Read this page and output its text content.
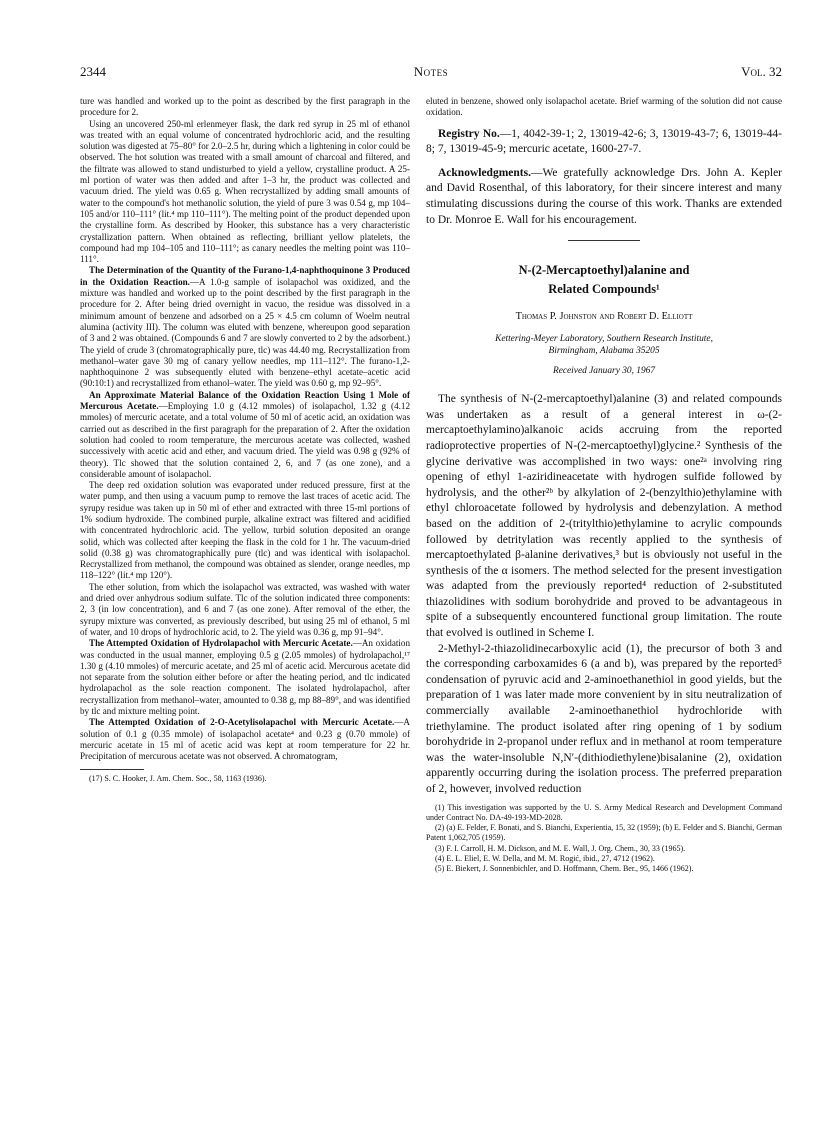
2344	Notes	Vol. 32

ture was handled and worked up to the point as described by the first paragraph in the procedure for 2.

Using an uncovered 250-ml erlenmeyer flask, the dark red syrup in 25 ml of ethanol was treated with an equal volume of concentrated hydrochloric acid, and the resulting solution was digested at 75–80° for 2.0–2.5 hr, during which a lightening in color could be observed. The hot solution was treated with a small amount of charcoal and filtered, and the filtrate was allowed to stand undisturbed to yield a yellow, crystalline product. A 25-ml portion of water was then added and after 1–3 hr, the product was collected and vacuum dried. The yield was 0.65 g. When recrystallized by adding small amounts of water to the compound's hot methanolic solution, the yield of pure 3 was 0.54 g, mp 104–105 and/or 110–111° (lit.⁴ mp 110–111°). The melting point of the product depended upon the crystalline form. As described by Hooker, this substance has a very characteristic crystallization pattern. When obtained as reflecting, brilliant yellow platelets, the compound had mp 104–105 and 110–111°; as canary needles the melting point was 110–111°.

The Determination of the Quantity of the Furano-1,4-naphthoquinone 3 Produced in the Oxidation Reaction.—A 1.0-g sample of isolapachol was oxidized, and the mixture was handled and worked up to the point described by the first paragraph in the procedure for 2. After being dried overnight in vacuo, the residue was dissolved in a minimum amount of benzene and adsorbed on a 25 × 4.5 cm column of Woelm neutral alumina (activity III). The column was eluted with benzene, whereupon good separation of 3 and 2 was obtained. (Compounds 6 and 7 are slowly converted to 2 by the adsorbent.) The yield of crude 3 (chromatographically pure, tlc) was 44.40 mg. Recrystallization from methanol–water gave 30 mg of canary yellow needles, mp 111–112°. The furano-1,2-naphthoquinone 2 was subsequently eluted with benzene–ethyl acetate–acetic acid (90:10:1) and recrystallized from ethanol–water. The yield was 0.60 g, mp 92–95°.

An Approximate Material Balance of the Oxidation Reaction Using 1 Mole of Mercurous Acetate.—Employing 1.0 g (4.12 mmoles) of isolapachol, 1.32 g (4.12 mmoles) of mercuric acetate, and a total volume of 50 ml of acetic acid, an oxidation was carried out as described in the first paragraph for the preparation of 2. After the oxidation solution had cooled to room temperature, the mercurous acetate was collected, washed successively with acetic acid and ether, and vacuum dried. The yield was 0.98 g (92% of theory). Tlc showed that the solution contained 2, 6, and 7 (as one zone), and a considerable amount of isolapachol.

The deep red oxidation solution was evaporated under reduced pressure, first at the water pump, and then using a vacuum pump to remove the last traces of acetic acid. The syrupy residue was taken up in 50 ml of ether and extracted with three 15-ml portions of 1% sodium hydroxide. The combined purple, alkaline extract was filtered and acidified with concentrated hydrochloric acid. The yellow, turbid solution deposited an orange solid, which was collected after keeping the flask in the cold for 1 hr. The vacuum-dried solid (0.38 g) was chromatographically pure (tlc) and was identical with isolapachol. Recrystallized from methanol, the compound was obtained as slender, orange needles, mp 118–122° (lit.⁴ mp 120°).

The ether solution, from which the isolapachol was extracted, was washed with water and dried over anhydrous sodium sulfate. Tlc of the solution indicated three components: 2, 3 (in low concentration), and 6 and 7 (as one zone). After removal of the ether, the syrupy mixture was converted, as previously described, but using 25 ml of ethanol, 5 ml of water, and 10 drops of hydrochloric acid, to 2. The yield was 0.36 g, mp 91–94°.

The Attempted Oxidation of Hydrolapachol with Mercuric Acetate.—An oxidation was conducted in the usual manner, employing 0.5 g (2.05 mmoles) of hydrolapachol,¹⁷ 1.30 g (4.10 mmoles) of mercuric acetate, and 25 ml of acetic acid. Mercurous acetate did not separate from the solution either before or after the heating period, and tlc indicated hydrolapachol as the sole reaction component. The isolated hydrolapachol, after recrystallization from methanol–water, amounted to 0.38 g, mp 88–89°, and was identified by tlc and mixture melting point.

The Attempted Oxidation of 2-O-Acetylisolapachol with Mercuric Acetate.—A solution of 0.1 g (0.35 mmole) of isolapachol acetate⁴ and 0.23 g (0.70 mmole) of mercuric acetate in 15 ml of acetic acid was kept at room temperature for 22 hr. Precipitation of mercurous acetate was not observed. A chromatogram,

(17) S. C. Hooker, J. Am. Chem. Soc., 58, 1163 (1936).

eluted in benzene, showed only isolapachol acetate. Brief warming of the solution did not cause oxidation.

Registry No.—1, 4042-39-1; 2, 13019-42-6; 3, 13019-43-7; 6, 13019-44-8; 7, 13019-45-9; mercuric acetate, 1600-27-7.

Acknowledgments.—We gratefully acknowledge Drs. John A. Kepler and David Rosenthal, of this laboratory, for their sincere interest and many stimulating discussions during the course of this work. Thanks are extended to Dr. Monroe E. Wall for his encouragement.

N-(2-Mercaptoethyl)alanine and
Related Compounds¹

Thomas P. Johnston and Robert D. Elliott

Kettering-Meyer Laboratory, Southern Research Institute,
Birmingham, Alabama 35205

Received January 30, 1967

The synthesis of N-(2-mercaptoethyl)alanine (3) and related compounds was undertaken as a result of a general interest in ω-(2-mercaptoethylamino)alkanoic acids accruing from the reported radioprotective properties of N-(2-mercaptoethyl)glycine.² Synthesis of the glycine derivative was accomplished in two ways: one²ᵃ involving ring opening of ethyl 1-aziridineacetate with hydrogen sulfide followed by hydrolysis, and the other²ᵇ by alkylation of 2-(benzylthio)ethylamine with ethyl chloroacetate followed by hydrolysis and debenzylation. A method based on the addition of 2-(tritylthio)ethylamine to acrylic compounds followed by detritylation was recently applied to the synthesis of mercaptoethylated β-alanine derivatives,³ but is obviously not useful in the synthesis of the α isomers. The method selected for the present investigation was adapted from the previously reported⁴ reduction of 2-substituted thiazolidines with sodium borohydride and proved to be advantageous in spite of a subsequently encountered functional group limitation. The route that evolved is outlined in Scheme I.

2-Methyl-2-thiazolidinecarboxylic acid (1), the precursor of both 3 and the corresponding carboxamides 6 (a and b), was prepared by the reported⁵ condensation of pyruvic acid and 2-aminoethanethiol in good yields, but the preparation of 1 was later made more convenient by in situ neutralization of commercially available 2-aminoethanethiol hydrochloride with triethylamine. The product isolated after ring opening of 1 by sodium borohydride in 2-propanol under reflux and in methanol at room temperature was the water-insoluble N,N′-(dithiodiethylene)bisalanine (2), oxidation apparently occurring during the isolation process. The preferred preparation of 2, however, involved reduction

(1) This investigation was supported by the U. S. Army Medical Research and Development Command under Contract No. DA-49-193-MD-2028.

(2) (a) E. Felder, F. Bonati, and S. Bianchi, Experientia, 15, 32 (1959); (b) E. Felder and S. Bianchi, German Patent 1,062,705 (1959).

(3) F. I. Carroll, H. M. Dickson, and M. E. Wall, J. Org. Chem., 30, 33 (1965).

(4) E. L. Eliel, E. W. Della, and M. M. Rogić, ibid., 27, 4712 (1962).

(5) E. Biekert, J. Sonnenbichler, and D. Hoffmann, Chem. Ber., 95, 1466 (1962).
